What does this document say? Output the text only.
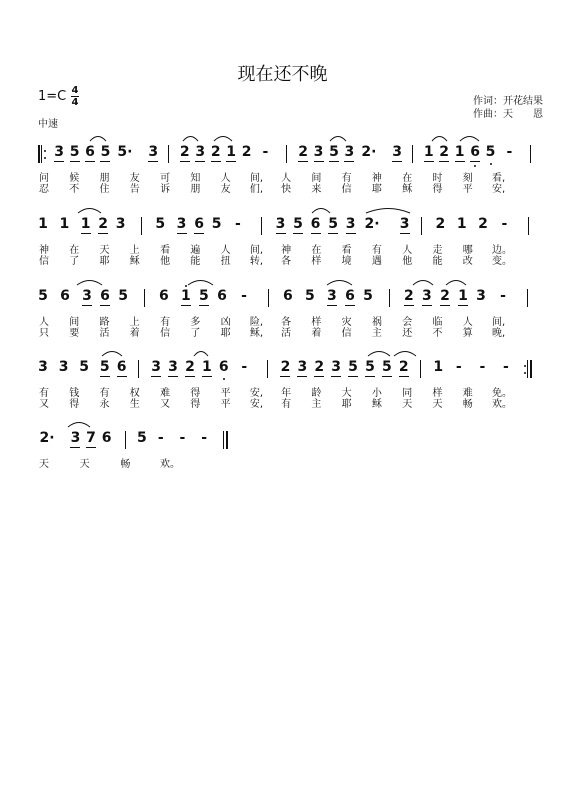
现在还不晚
1=C 4
4
中速
作词：开花结果
作曲：天　　恩
3 5 6 5 5· 3 2 3 2 1 2 - 2 3 5 3 2· 3 1 2 1 6 5 -
问 候 朋 友 可 知 人 间, 人 间 有 神 在 时 刻 看,
忍 不 住 告 诉 朋 友 们, 快 来 信 耶 稣 得 平 安,
1 1 1 2 3 5 3 6 5 - 3 5 6 5 3 2· 3 2 1 2 -
神 在 天 上 看 遍 人 间, 神 在 看 有 人 走 哪 边。
信 了 耶 稣 他 能 扭 转, 各 样 境 遇 他 能 改 变。
5 6 3 6 5 6 1 5 6 -	6 5 3 6 5 2 3 2 1 3 -
人 间 路 上 有 多 凶 险, 各 样 灾 祸 会 临 人 间,
只 要 活 着 信 了 耶 稣, 活 着 信 主 还 不 算 晚,
3 3 5 5 6 3 3 2 1 6 - 2 3 2 3 5 5 5 2 1 - - -
有 钱 有 权 难 得 平 安, 年 龄 大 小 同 样 难 免。
又 得 永 生 又 得 平 安, 有 主 耶 稣 天 天 畅 欢。
2· 3 7 6 5 - - -
天	天	畅	欢。
